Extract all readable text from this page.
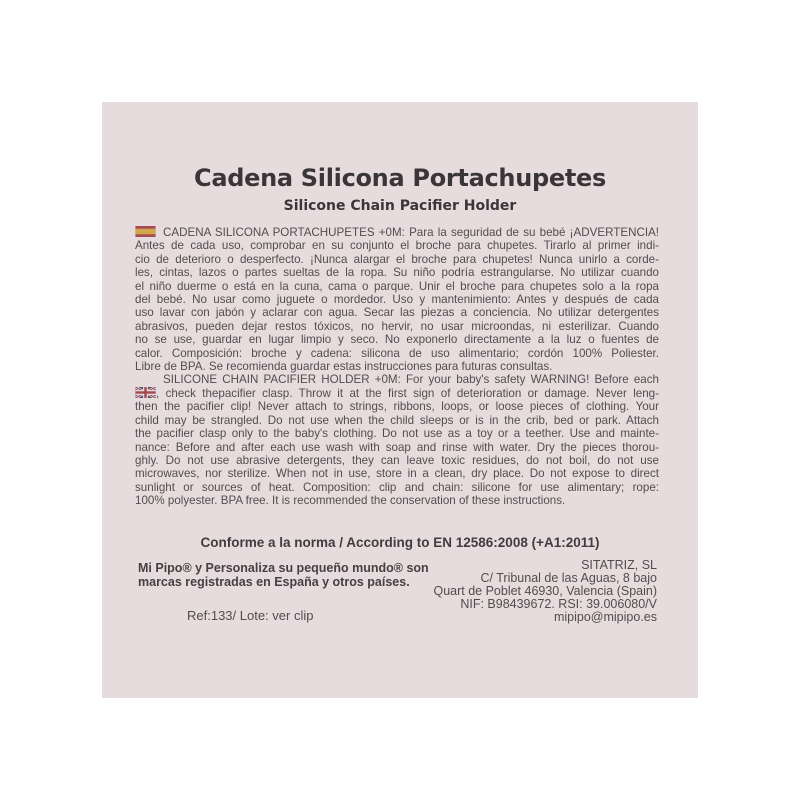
Cadena Silicona Portachupetes
Silicone Chain Pacifier Holder
CADENA SILICONA PORTACHUPETES +0M: Para la seguridad de su bebé ¡ADVERTENCIA!
Antes de cada uso, comprobar en su conjunto el broche para chupetes. Tirarlo al primer indi-
cio de deterioro o desperfecto. ¡Nunca alargar el broche para chupetes! Nunca unirlo a corde-
les, cintas, lazos o partes sueltas de la ropa. Su niño podría estrangularse. No utilizar cuando
el niño duerme o está en la cuna, cama o parque. Unir el broche para chupetes solo a la ropa
del bebé. No usar como juguete o mordedor. Uso y mantenimiento: Antes y después de cada
uso lavar con jabón y aclarar con agua. Secar las piezas a conciencia. No utilizar detergentes
abrasivos, pueden dejar restos tóxicos, no hervir, no usar microondas, ni esterilizar. Cuando
no se use, guardar en lugar limpio y seco. No exponerlo directamente a la luz o fuentes de
calor. Composición: broche y cadena: silicona de uso alimentario; cordón 100% Poliester.
Libre de BPA. Se recomienda guardar estas instrucciones para futuras consultas.
SILICONE CHAIN PACIFIER HOLDER +0M: For your baby's safety WARNING! Before each
, check thepacifier clasp. Throw it at the first sign of deterioration or damage. Never leng-
then the pacifier clip! Never attach to strings, ribbons, loops, or loose pieces of clothing. Your
child may be strangled. Do not use when the child sleeps or is in the crib, bed or park. Attach
the pacifier clasp only to the baby's clothing. Do not use as a toy or a teether. Use and mainte-
nance: Before and after each use wash with soap and rinse with water. Dry the pieces thorou-
ghly. Do not use abrasive detergents, they can leave toxic residues, do not boil, do not use
microwaves, nor sterilize. When not in use, store in a clean, dry place. Do not expose to direct
sunlight or sources of heat. Composition: clip and chain: silicone for use alimentary; rope:
100% polyester. BPA free. It is recommended the conservation of these instructions.
Conforme a la norma / According to EN 12586:2008 (+A1:2011)
Mi Pipo® y Personaliza su pequeño mundo® son
marcas registradas en España y otros países.
SITATRIZ, SL
C/ Tribunal de las Aguas, 8 bajo
Quart de Poblet 46930, Valencia (Spain)
NIF: B98439672. RSI: 39.006080/V
mipipo@mipipo.es
Ref:133/ Lote: ver clip
